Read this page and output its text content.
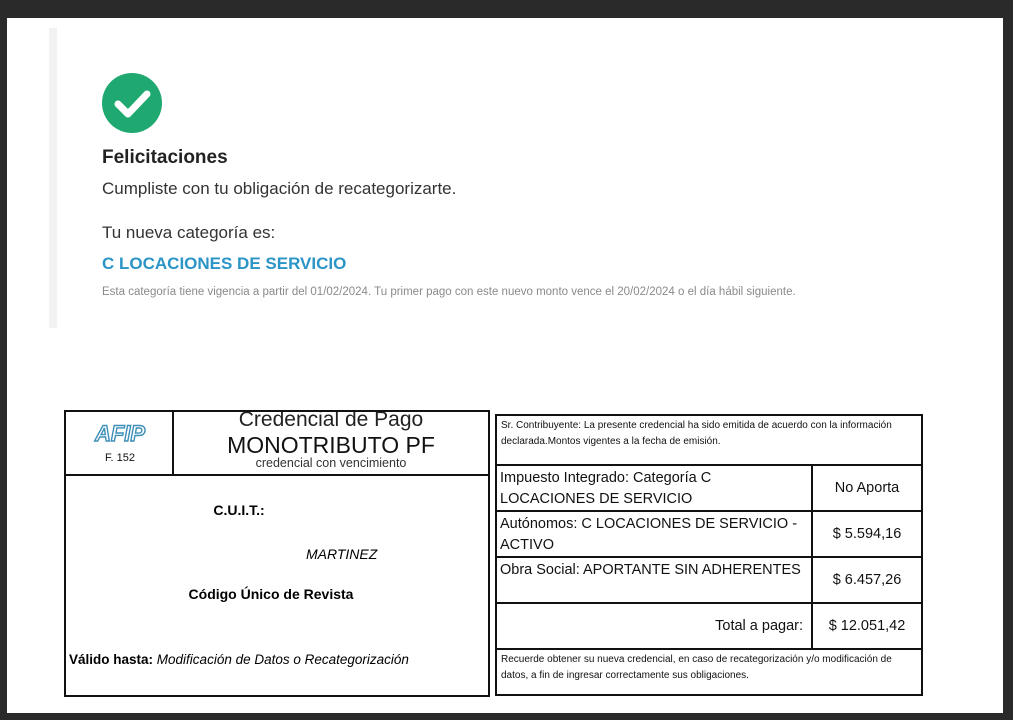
Felicitaciones
Cumpliste con tu obligación de recategorizarte.
Tu nueva categoría es:
C LOCACIONES DE SERVICIO
Esta categoría tiene vigencia a partir del 01/02/2024. Tu primer pago con este nuevo monto vence el 20/02/2024 o el día hábil siguiente.
AFIP
F. 152
Credencial de Pago
MONOTRIBUTO PF
credencial con vencimiento
C.U.I.T.:
MARTINEZ
Código Único de Revista
Válido hasta: Modificación de Datos o Recategorización
Sr. Contribuyente: La presente credencial ha sido emitida de acuerdo con la información declarada.Montos vigentes a la fecha de emisión.
Impuesto Integrado: Categoría C LOCACIONES DE SERVICIO
No Aporta
Autónomos: C LOCACIONES DE SERVICIO - ACTIVO
$ 5.594,16
Obra Social: APORTANTE SIN ADHERENTES
$ 6.457,26
Total a pagar:	$ 12.051,42
Recuerde obtener su nueva credencial, en caso de recategorización y/o modificación de datos, a fin de ingresar correctamente sus obligaciones.
